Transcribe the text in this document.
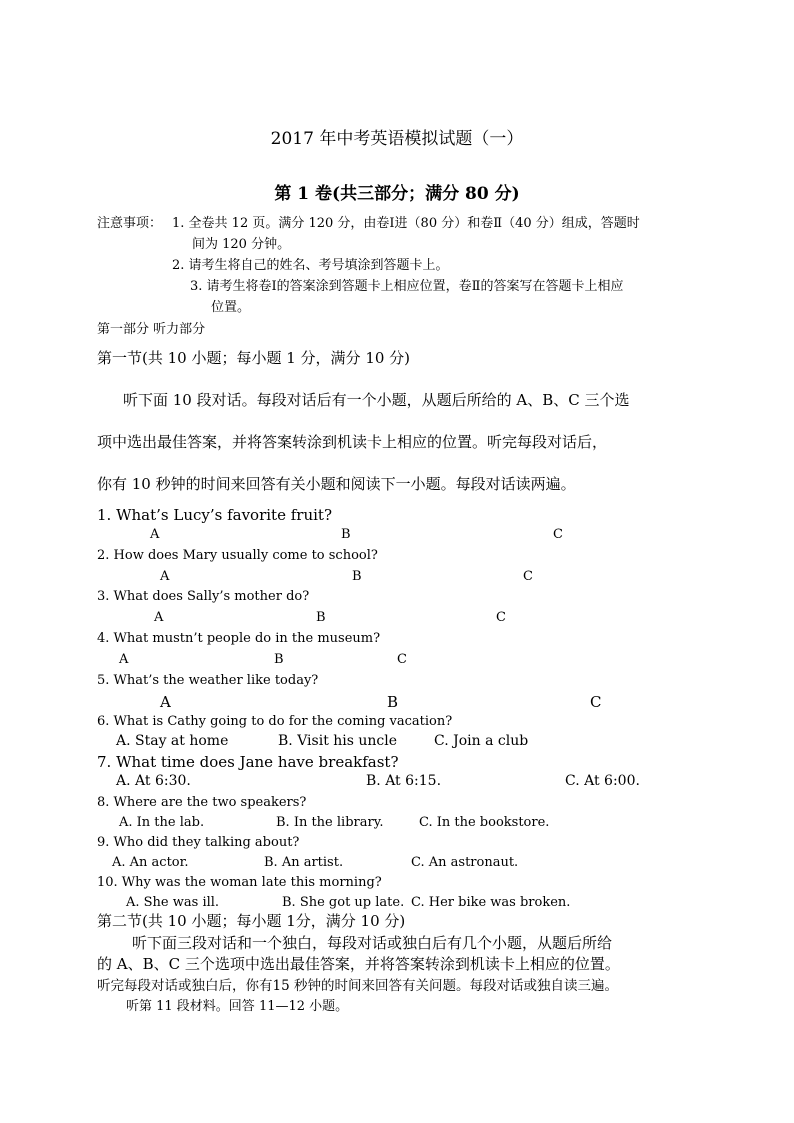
2017 年中考英语模拟试题（一）
第 1 卷(共三部分；满分 80 分)
注意事项： 1. 全卷共 12 页。满分 120 分，由卷Ⅰ进（80 分）和卷Ⅱ（40 分）组成，答题时
间为 120 分钟。
2. 请考生将自己的姓名、考号填涂到答题卡上。
3. 请考生将卷Ⅰ的答案涂到答题卡上相应位置，卷Ⅱ的答案写在答题卡上相应
位置。
第一部分 听力部分
第一节(共 10 小题；每小题 1 分，满分 10 分)
听下面 10 段对话。每段对话后有一个小题，从题后所给的 A、B、C 三个选
项中选出最佳答案，并将答案转涂到机读卡上相应的位置。听完每段对话后，
你有 10 秒钟的时间来回答有关小题和阅读下一小题。每段对话读两遍。
1. What’s Lucy’s favorite fruit?
A	B	C
2. How does Mary usually come to school?
A	B	C
3. What does Sally’s mother do?
A	B	C
4. What mustn’t people do in the museum?
A	B	C
5. What’s the weather like today?
A	B	C
6. What is Cathy going to do for the coming vacation?
A. Stay at home	B. Visit his uncle	C. Join a club
7. What time does Jane have breakfast?
A. At 6:30.	B. At 6:15.	C. At 6:00.
8. Where are the two speakers?
A. In the lab.	B. In the library.	C. In the bookstore.
9. Who did they talking about?
A. An actor.	B. An artist.	C. An astronaut.
10. Why was the woman late this morning?
A. She was ill.	B. She got up late. C. Her bike was broken.
第二节(共 10 小题；每小题 1分，满分 10 分)
听下面三段对话和一个独白，每段对话或独白后有几个小题，从题后所给
的 A、B、C 三个选项中选出最佳答案，并将答案转涂到机读卡上相应的位置。
听完每段对话或独白后，你有15 秒钟的时间来回答有关问题。每段对话或独自读三遍。
听第 11 段材料。回答 11—12 小题。
